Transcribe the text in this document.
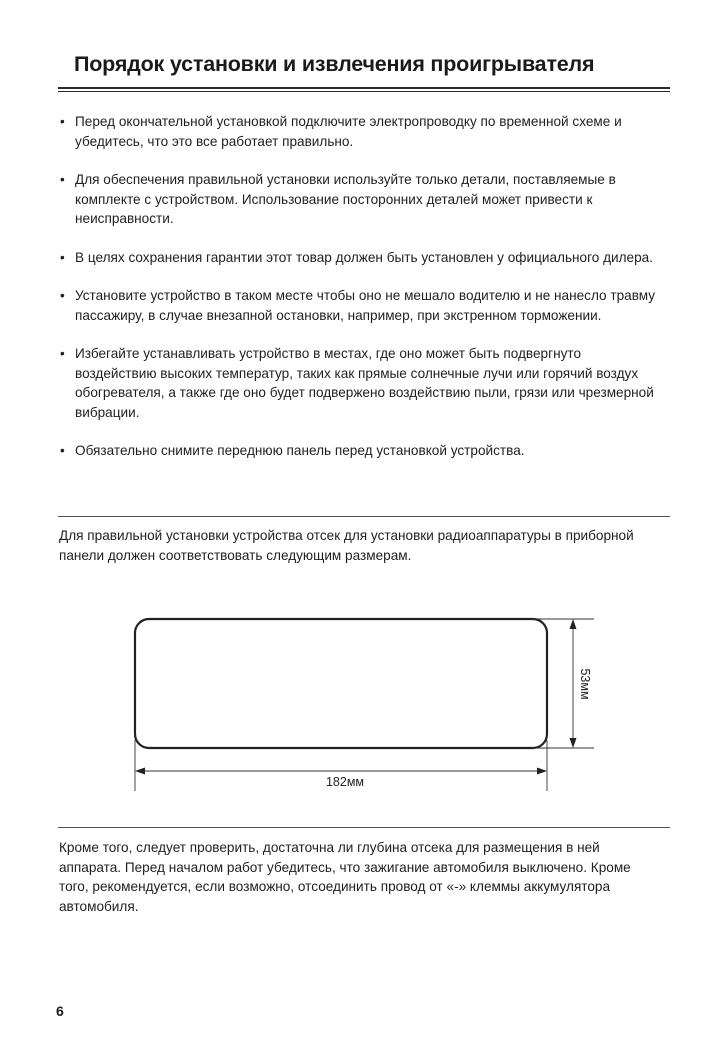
Порядок установки и извлечения проигрывателя
• Перед окончательной установкой подключите электропроводку по временной схеме и убедитесь, что это все работает правильно.
• Для обеспечения правильной установки используйте только детали, поставляемые в комплекте с устройством. Использование посторонних деталей может привести к неисправности.
• В целях сохранения гарантии этот товар должен быть установлен у официального дилера.
• Установите устройство в таком месте чтобы оно не мешало водителю и не нанесло травму пассажиру, в случае внезапной остановки, например, при экстренном торможении.
• Избегайте устанавливать устройство в местах, где оно может быть подвергнуто воздействию высоких температур, таких как прямые солнечные лучи или горячий воздух обогревателя, а также где оно будет подвержено воздействию пыли, грязи или чрезмерной вибрации.
• Обязательно снимите переднюю панель перед установкой устройства.

Для правильной установки устройства отсек для установки радиоаппаратуры в приборной панели должен соответствовать следующим размерам.

53мм
182мм

Кроме того, следует проверить, достаточна ли глубина отсека для размещения в ней аппарата. Перед началом работ убедитесь, что зажигание автомобиля выключено. Кроме того, рекомендуется, если возможно, отсоединить провод от «-» клеммы аккумулятора автомобиля.

6
